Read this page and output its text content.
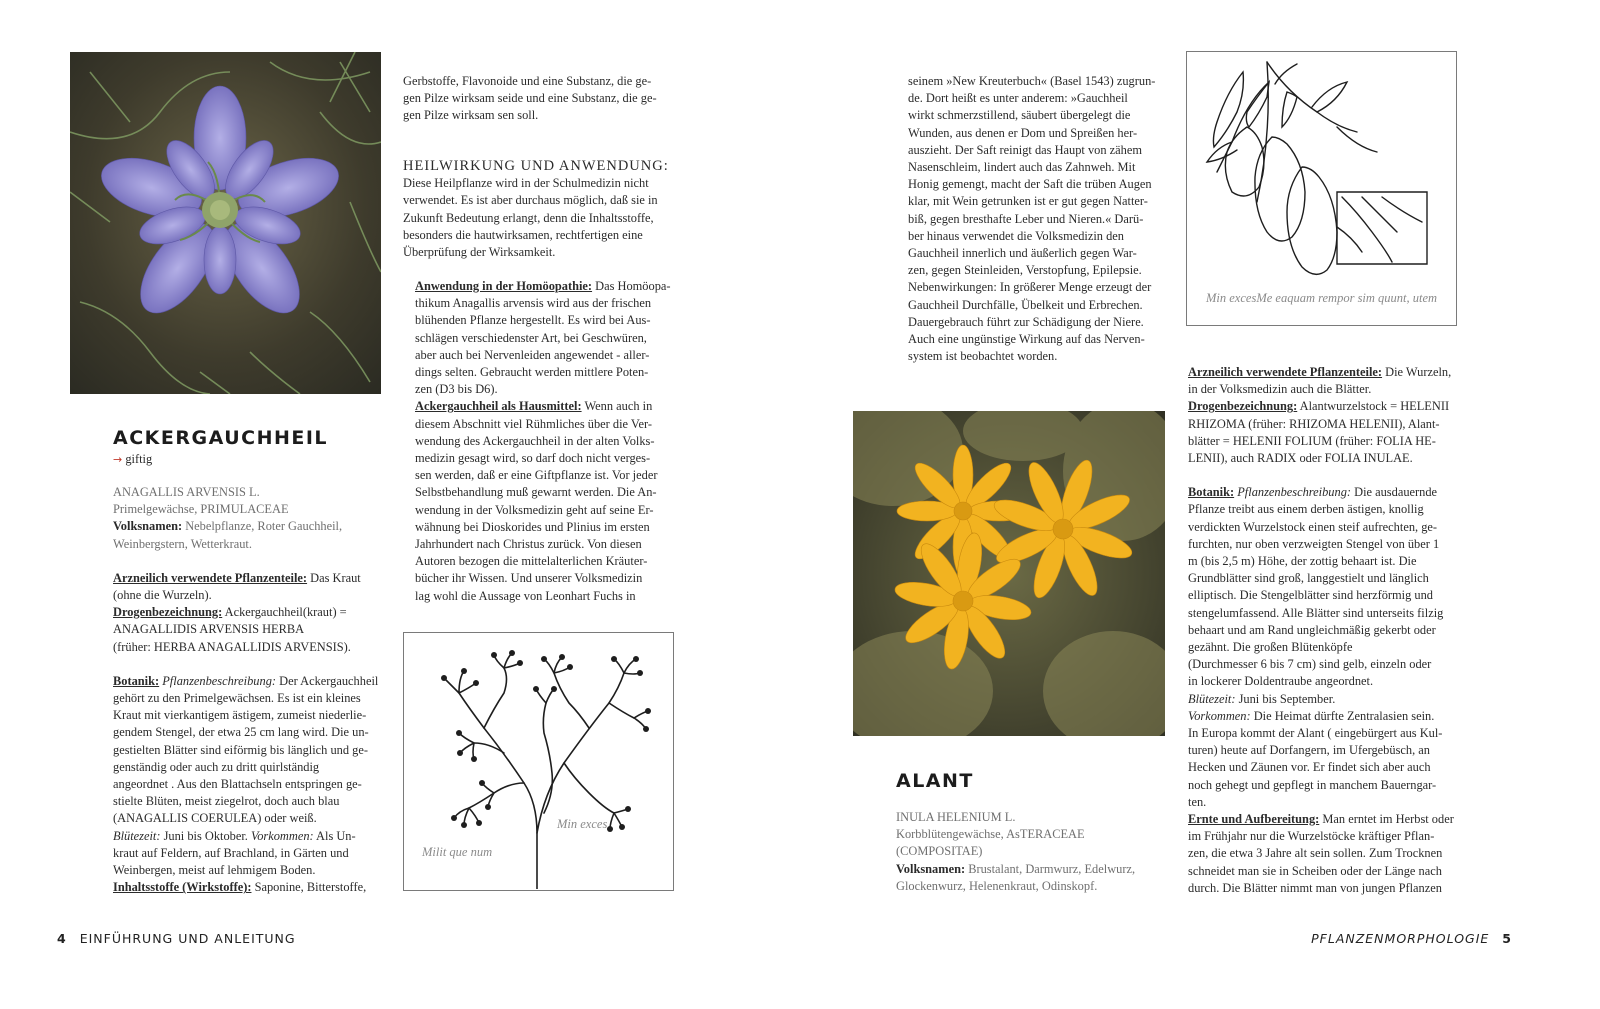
Gerbstoffe, Flavonoide und eine Substanz, die ge-

gen Pilze wirksam seide und eine Substanz, die ge-

gen Pilze wirksam sen soll.

HEILWIRKUNG UND ANWENDUNG:

Diese Heilpflanze wird in der Schulmedizin nicht

verwendet. Es ist aber durchaus möglich, daß sie in

Zukunft Bedeutung erlangt, denn die Inhaltsstoffe,

besonders die hautwirksamen, rechtfertigen eine

Überprüfung der Wirksamkeit.

Anwendung in der Homöopathie: Das Homöopa-

thikum Anagallis arvensis wird aus der frischen

blühenden Pflanze hergestellt. Es wird bei Aus-

schlägen verschiedenster Art, bei Geschwüren,

aber auch bei Nervenleiden angewendet - aller-

dings selten. Gebraucht werden mittlere Poten-

zen (D3 bis D6).

Ackergauchheil als Hausmittel: Wenn auch in

diesem Abschnitt viel Rühmliches über die Ver-

wendung des Ackergauchheil in der alten Volks-

medizin gesagt wird, so darf doch nicht verges-

sen werden, daß er eine Giftpflanze ist. Vor jeder

Selbstbehandlung muß gewarnt werden. Die An-

wendung in der Volksmedizin geht auf seine Er-

wähnung bei Dioskorides und Plinius im ersten

Jahrhundert nach Christus zurück. Von diesen

Autoren bezogen die mittelalterlichen Kräuter-

bücher ihr Wissen. Und unserer Volksmedizin

lag wohl die Aussage von Leonhart Fuchs in

Min exces
Milit que num
ACKERGAUCHHEIL
→ giftig

ANAGALLIS ARVENSIS L.

Primelgewächse, PRIMULACEAE

Volksnamen: Nebelpflanze, Roter Gauchheil,

Weinbergstern, Wetterkraut.

Arzneilich verwendete Pflanzenteile: Das Kraut

(ohne die Wurzeln).

Drogenbezeichnung: Ackergauchheil(kraut) =

ANAGALLIDIS ARVENSIS HERBA

(früher: HERBA ANAGALLIDIS ARVENSIS).

Botanik: Pflanzenbeschreibung: Der Ackergauchheil

gehört zu den Primelgewächsen. Es ist ein kleines

Kraut mit vierkantigem ästigem, zumeist niederlie-

gendem Stengel, der etwa 25 cm lang wird. Die un-

gestielten Blätter sind eiförmig bis länglich und ge-

genständig oder auch zu dritt quirlständig

angeordnet . Aus den Blattachseln entspringen ge-

stielte Blüten, meist ziegelrot, doch auch blau

(ANAGALLIS COERULEA) oder weiß.

Blütezeit: Juni bis Oktober. Vorkommen: Als Un-

kraut auf Feldern, auf Brachland, in Gärten und

Weinbergen, meist auf lehmigem Boden.

Inhaltsstoffe (Wirkstoffe): Saponine, Bitterstoffe,

4 EINFÜHRUNG UND ANLEITUNG

seinem »New Kreuterbuch« (Basel 1543) zugrun-

de. Dort heißt es unter anderem: »Gauchheil

wirkt schmerzstillend, säubert übergelegt die

Wunden, aus denen er Dom und Spreißen her-

auszieht. Der Saft reinigt das Haupt von zähem

Nasenschleim, lindert auch das Zahnweh. Mit

Honig gemengt, macht der Saft die trüben Augen

klar, mit Wein getrunken ist er gut gegen Natter-

biß, gegen bresthafte Leber und Nieren.« Darü-

ber hinaus verwendet die Volksmedizin den

Gauchheil innerlich und äußerlich gegen War-

zen, gegen Steinleiden, Verstopfung, Epilepsie.

Nebenwirkungen: In größerer Menge erzeugt der

Gauchheil Durchfälle, Übelkeit und Erbrechen.

Dauergebrauch führt zur Schädigung der Niere.

Auch eine ungünstige Wirkung auf das Nerven-

system ist beobachtet worden.

ALANT

INULA HELENIUM L.

Korbblütengewächse, AsTERACEAE

(COMPOSITAE)

Volksnamen: Brustalant, Darmwurz, Edelwurz,

Glockenwurz, Helenenkraut, Odinskopf.

Min excesMe eaquam rempor sim quunt, utem

Arzneilich verwendete Pflanzenteile: Die Wurzeln,

in der Volksmedizin auch die Blätter.

Drogenbezeichnung: Alantwurzelstock = HELENII

RHIZOMA (früher: RHIZOMA HELENII), Alant-

blätter = HELENII FOLIUM (früher: FOLIA HE-

LENII), auch RADIX oder FOLIA INULAE.

Botanik: Pflanzenbeschreibung: Die ausdauernde

Pflanze treibt aus einem derben ästigen, knollig

verdickten Wurzelstock einen steif aufrechten, ge-

furchten, nur oben verzweigten Stengel von über 1

m (bis 2,5 m) Höhe, der zottig behaart ist. Die

Grundblätter sind groß, langgestielt und länglich

elliptisch. Die Stengelblätter sind herzförmig und

stengelumfassend. Alle Blätter sind unterseits filzig

behaart und am Rand ungleichmäßig gekerbt oder

gezähnt. Die großen Blütenköpfe

(Durchmesser 6 bis 7 cm) sind gelb, einzeln oder

in lockerer Doldentraube angeordnet.

Blütezeit: Juni bis September.

Vorkommen: Die Heimat dürfte Zentralasien sein.

In Europa kommt der Alant ( eingebürgert aus Kul-

turen) heute auf Dorfangern, im Ufergebüsch, an

Hecken und Zäunen vor. Er findet sich aber auch

noch gehegt und gepflegt in manchem Bauerngar-

ten.

Ernte und Aufbereitung: Man erntet im Herbst oder

im Frühjahr nur die Wurzelstöcke kräftiger Pflan-

zen, die etwa 3 Jahre alt sein sollen. Zum Trocknen

schneidet man sie in Scheiben oder der Länge nach

durch. Die Blätter nimmt man von jungen Pflanzen

PFLANZENMORPHOLOGIE 5
